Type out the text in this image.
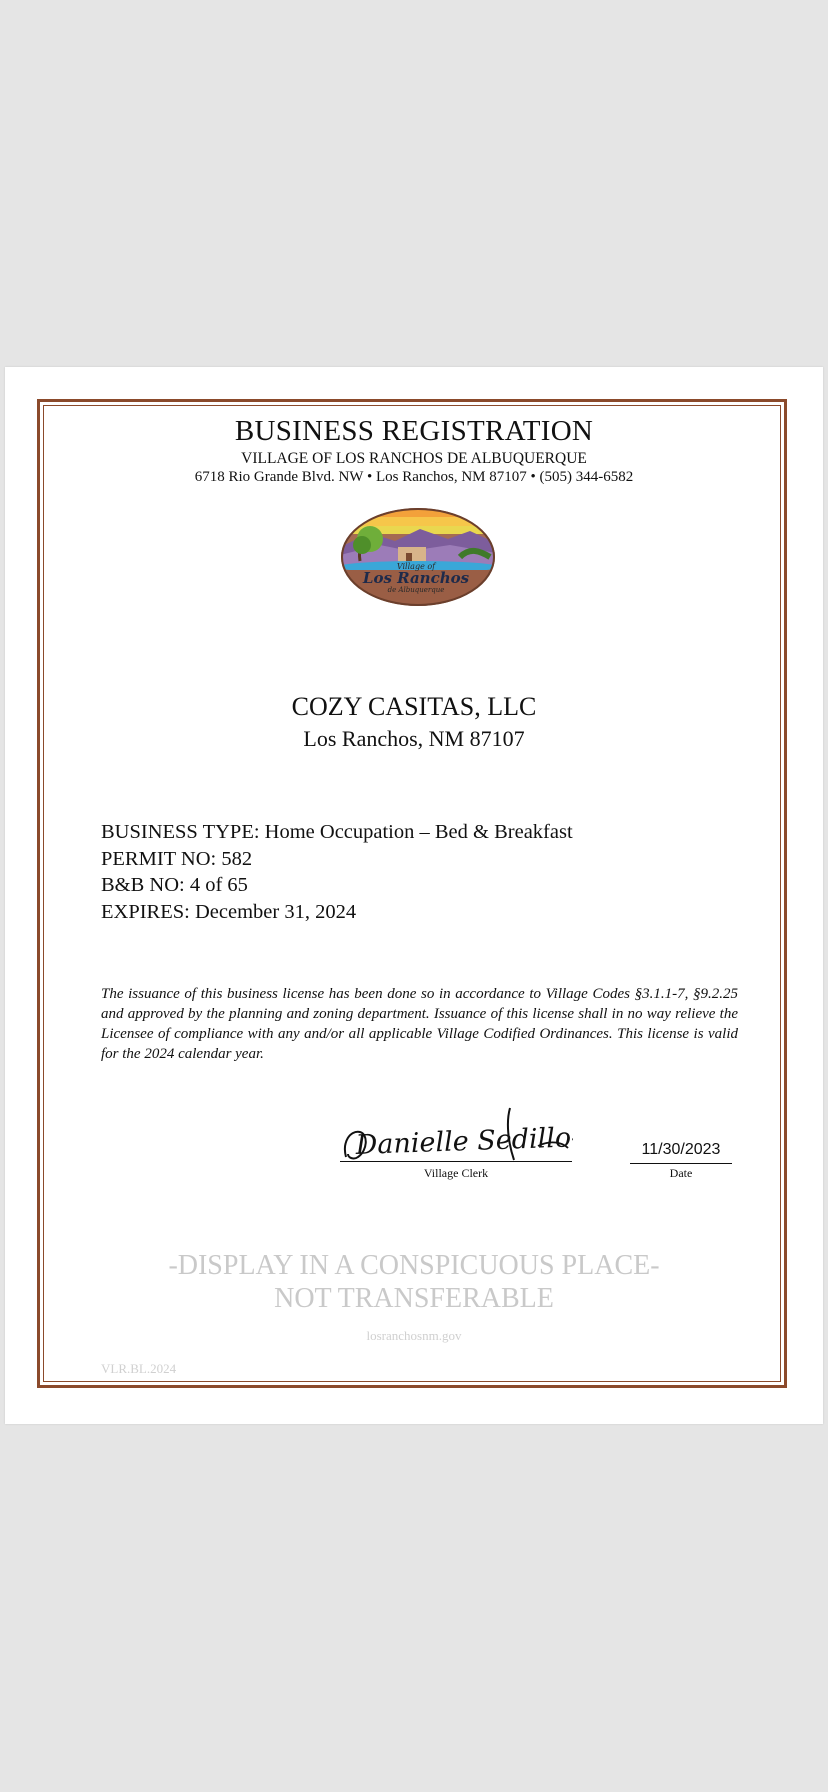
BUSINESS REGISTRATION
VILLAGE OF LOS RANCHOS DE ALBUQUERQUE
6718 Rio Grande Blvd. NW • Los Ranchos, NM 87107 • (505) 344-6582
Village of
Los Ranchos
de Albuquerque
COZY CASITAS, LLC
Los Ranchos, NM 87107
BUSINESS TYPE: Home Occupation – Bed & Breakfast
PERMIT NO: 582
B&B NO: 4 of 65
EXPIRES: December 31, 2024
The issuance of this business license has been done so in accordance to Village Codes §3.1.1-7, §9.2.25 and approved by the planning and zoning department. Issuance of this license shall in no way relieve the Licensee of compliance with any and/or all applicable Village Codified Ordinances. This license is valid for the 2024 calendar year.
Danielle Sedillo-Molina
Village Clerk
11/30/2023
Date
-DISPLAY IN A CONSPICUOUS PLACE-
NOT TRANSFERABLE
losranchosnm.gov
VLR.BL.2024
